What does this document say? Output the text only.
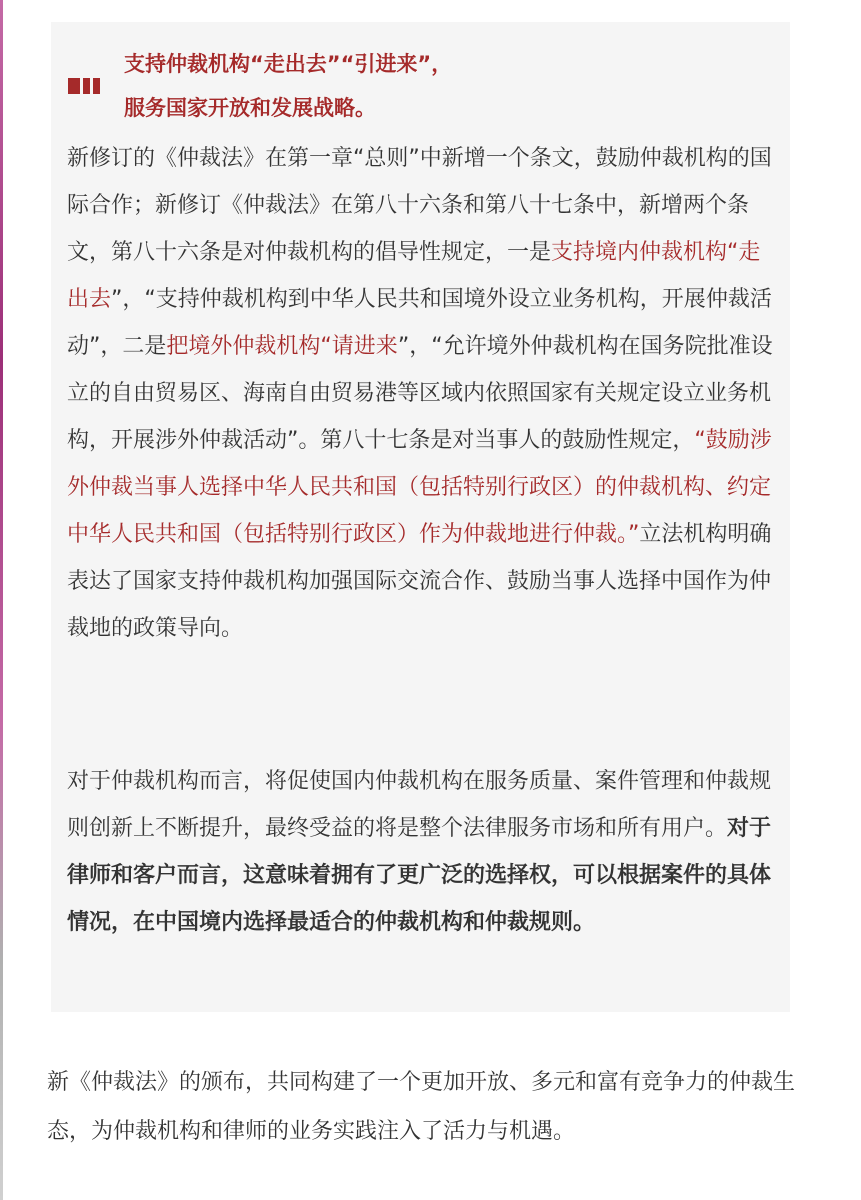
支持仲裁机构“走出去”“引进来”，
服务国家开放和发展战略。

新修订的《仲裁法》在第一章“总则”中新增一个条文，鼓励仲裁机构的国际合作；新修订《仲裁法》在第八十六条和第八十七条中，新增两个条文，第八十六条是对仲裁机构的倡导性规定，一是支持境内仲裁机构“走出去”，“支持仲裁机构到中华人民共和国境外设立业务机构，开展仲裁活动”，二是把境外仲裁机构“请进来”，“允许境外仲裁机构在国务院批准设立的自由贸易区、海南自由贸易港等区域内依照国家有关规定设立业务机构，开展涉外仲裁活动”。第八十七条是对当事人的鼓励性规定，“鼓励涉外仲裁当事人选择中华人民共和国（包括特别行政区）的仲裁机构、约定中华人民共和国（包括特别行政区）作为仲裁地进行仲裁。”立法机构明确表达了国家支持仲裁机构加强国际交流合作、鼓励当事人选择中国作为仲裁地的政策导向。

对于仲裁机构而言，将促使国内仲裁机构在服务质量、案件管理和仲裁规则创新上不断提升，最终受益的将是整个法律服务市场和所有用户。对于律师和客户而言，这意味着拥有了更广泛的选择权，可以根据案件的具体情况，在中国境内选择最适合的仲裁机构和仲裁规则。

新《仲裁法》的颁布，共同构建了一个更加开放、多元和富有竞争力的仲裁生态，为仲裁机构和律师的业务实践注入了活力与机遇。
